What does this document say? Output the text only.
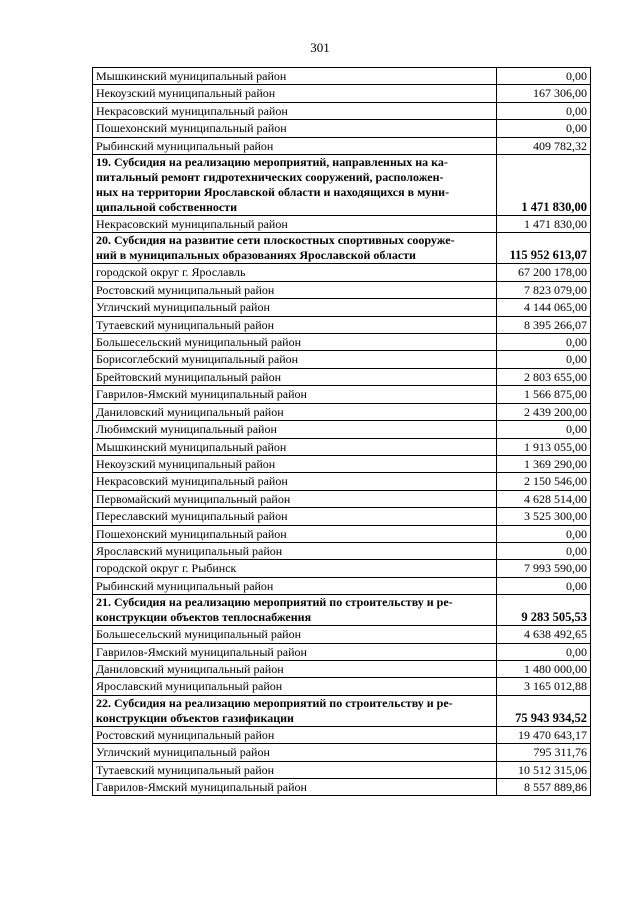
301
Мышкинский муниципальный район	0,00
Некоузский муниципальный район	167 306,00
Некрасовский муниципальный район	0,00
Пошехонский муниципальный район	0,00
Рыбинский муниципальный район	409 782,32

19. Субсидия на реализацию мероприятий, направленных на ка-
питальный ремонт гидротехнических сооружений, расположен-
ных на территории Ярославской области и находящихся в муни-
ципальной собственности	1 471 830,00
Некрасовский муниципальный район	1 471 830,00

20. Субсидия на развитие сети плоскостных спортивных сооруже-
ний в муниципальных образованиях Ярославской области	115 952 613,07
городской округ г. Ярославль	67 200 178,00
Ростовский муниципальный район	7 823 079,00
Угличский муниципальный район	4 144 065,00
Тутаевский муниципальный район	8 395 266,07
Большесельский муниципальный район	0,00
Борисоглебский муниципальный район	0,00
Брейтовский муниципальный район	2 803 655,00
Гаврилов-Ямский муниципальный район	1 566 875,00
Даниловский муниципальный район	2 439 200,00
Любимский муниципальный район	0,00
Мышкинский муниципальный район	1 913 055,00
Некоузский муниципальный район	1 369 290,00
Некрасовский муниципальный район	2 150 546,00
Первомайский муниципальный район	4 628 514,00
Переславский муниципальный район	3 525 300,00
Пошехонский муниципальный район	0,00
Ярославский муниципальный район	0,00
городской округ г. Рыбинск	7 993 590,00
Рыбинский муниципальный район	0,00

21. Субсидия на реализацию мероприятий по строительству и ре-
конструкции объектов теплоснабжения	9 283 505,53
Большесельский муниципальный район	4 638 492,65
Гаврилов-Ямский муниципальный район	0,00
Даниловский муниципальный район	1 480 000,00
Ярославский муниципальный район	3 165 012,88

22. Субсидия на реализацию мероприятий по строительству и ре-
конструкции объектов газификации	75 943 934,52
Ростовский муниципальный район	19 470 643,17
Угличский муниципальный район	795 311,76
Тутаевский муниципальный район	10 512 315,06
Гаврилов-Ямский муниципальный район	8 557 889,86
